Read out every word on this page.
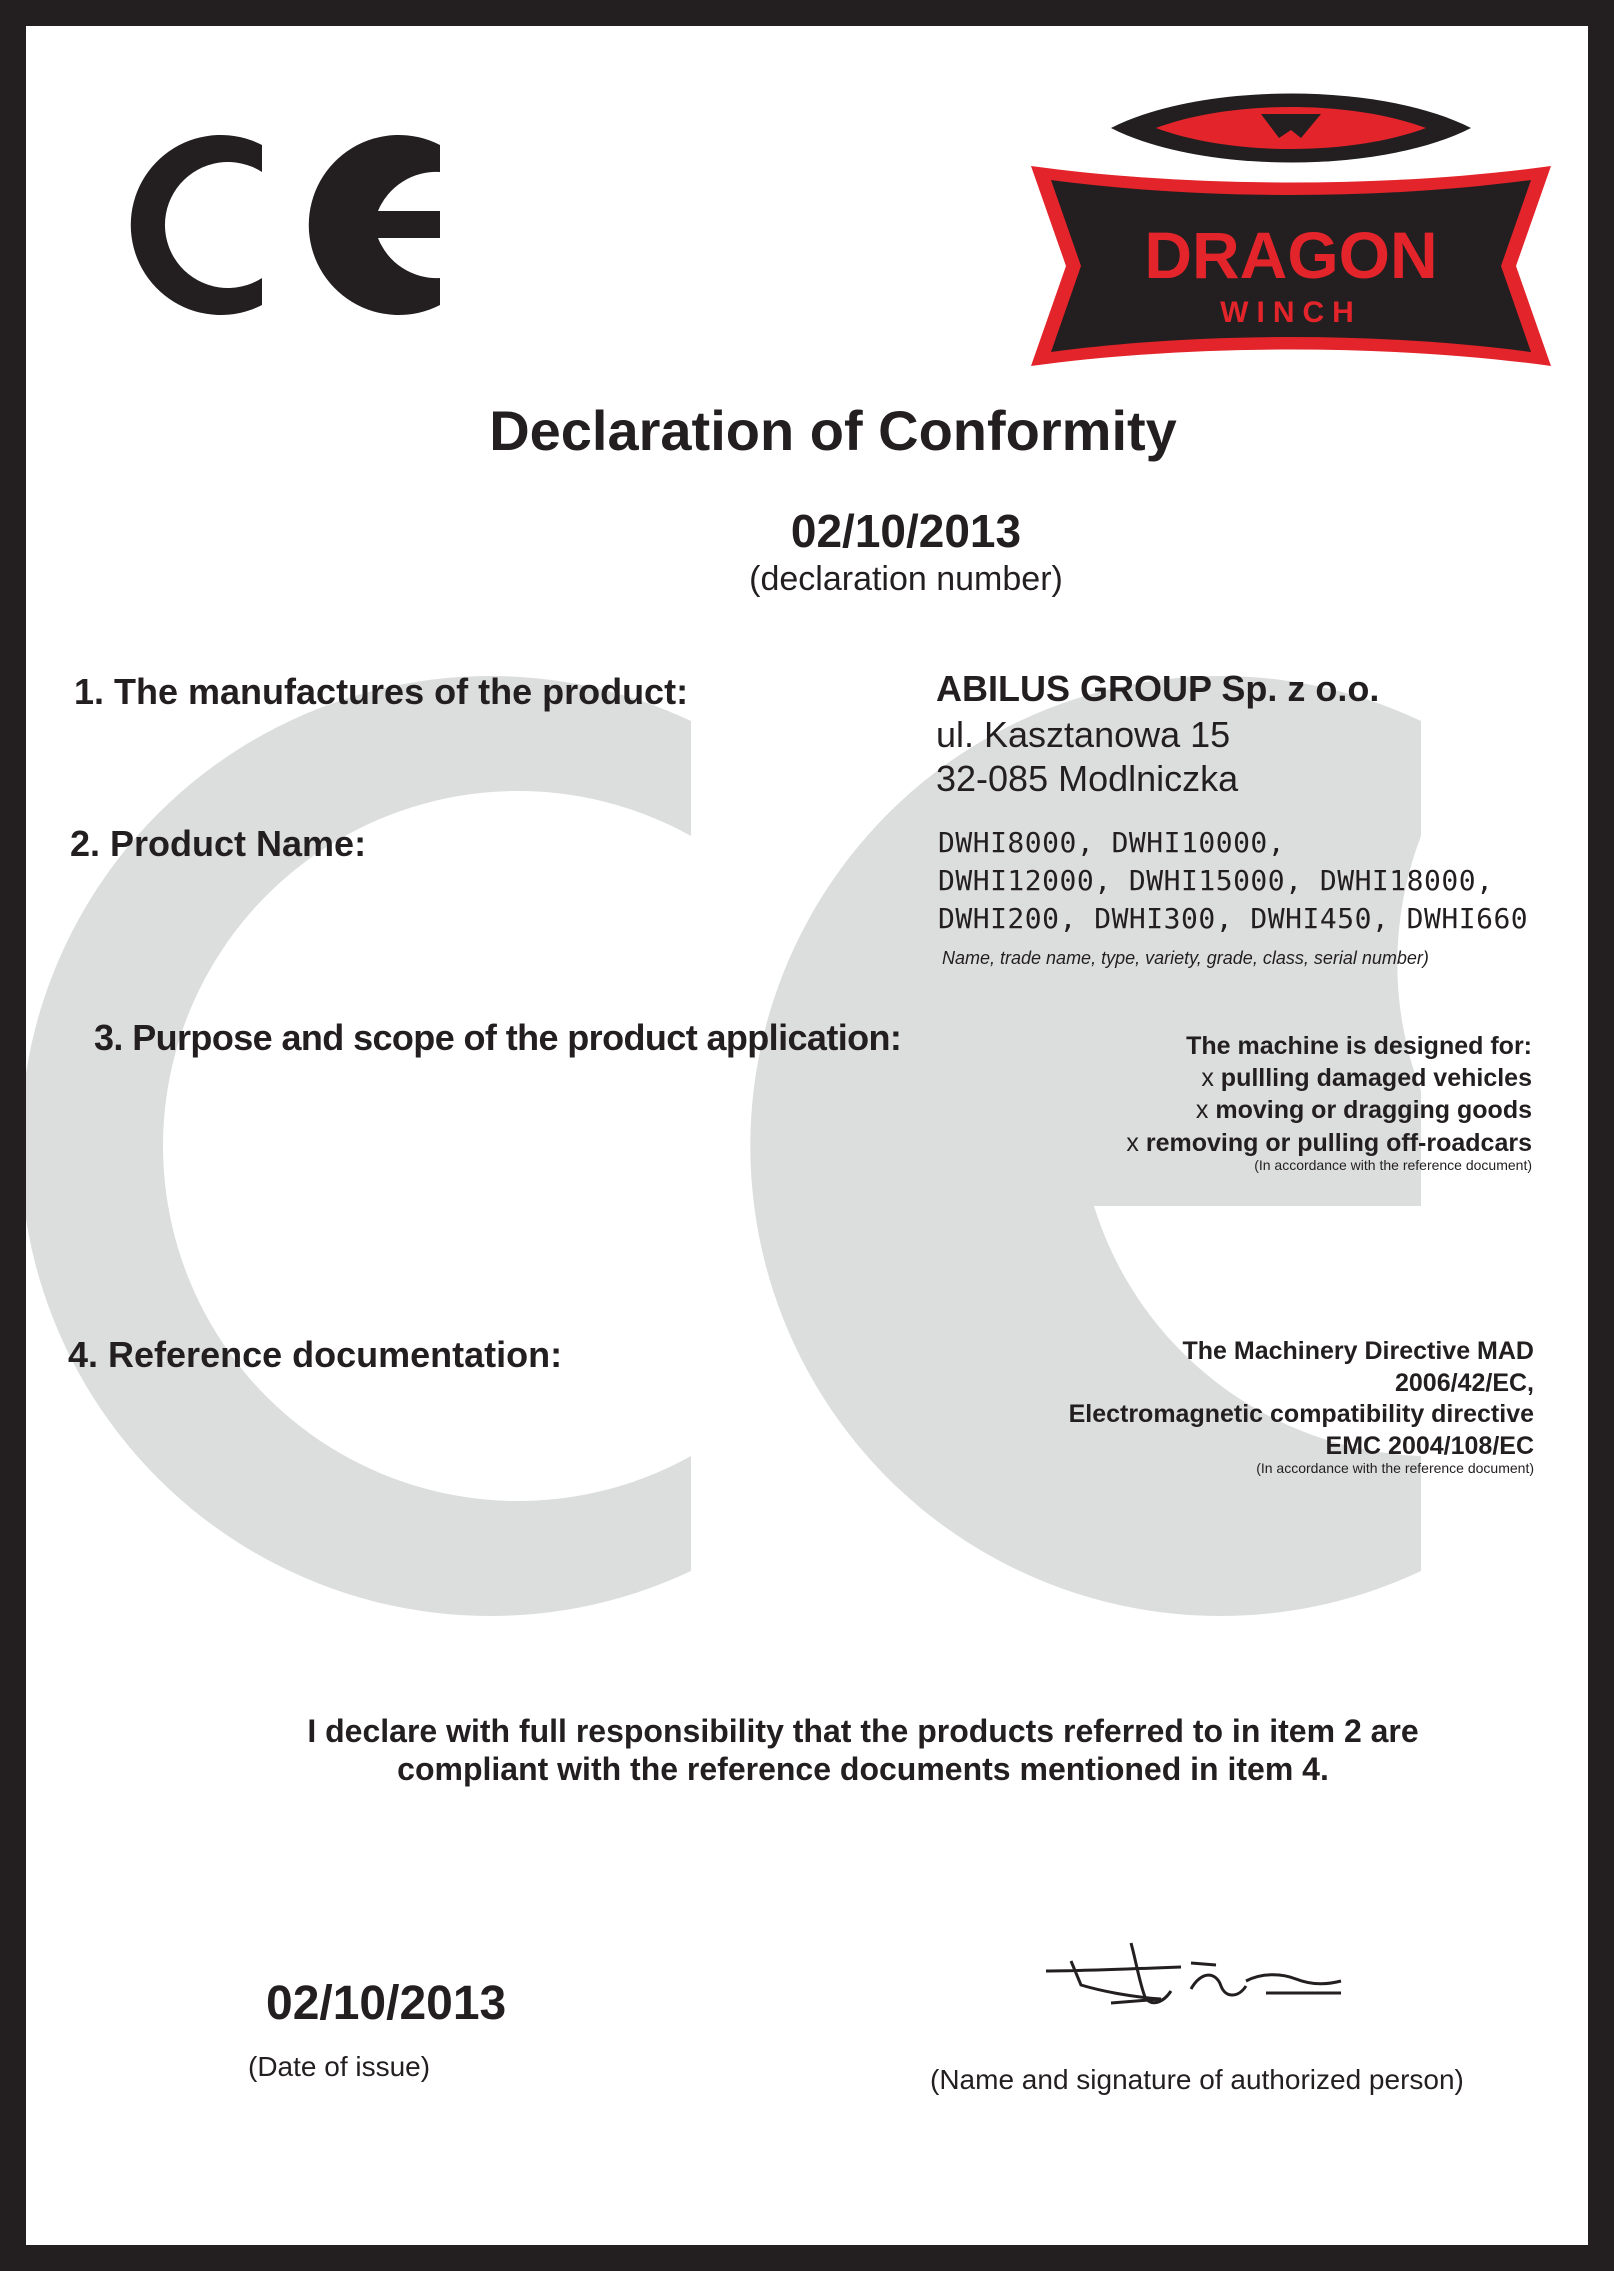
DRAGON
WINCH
Declaration of Conformity
02/10/2013
(declaration number)
1. The manufactures of the product:	ABILUS GROUP Sp. z o.o.
ul. Kasztanowa 15
32-085 Modlniczka
2. Product Name:	DWHI8000, DWHI10000,
DWHI12000, DWHI15000, DWHI18000,
DWHI200, DWHI300, DWHI450, DWHI660
Name, trade name, type, variety, grade, class, serial number)
3. Purpose and scope of the product application:	The machine is designed for:
x pullling damaged vehicles
x moving or dragging goods
x removing or pulling off-roadcars
(In accordance with the reference document)
4. Reference documentation:	The Machinery Directive MAD
2006/42/EC,
Electromagnetic compatibility directive
EMC 2004/108/EC
(In accordance with the reference document)
I declare with full responsibility that the products referred to in item 2 are
compliant with the reference documents mentioned in item 4.
02/10/2013
(Date of issue)	(Name and signature of authorized person)
